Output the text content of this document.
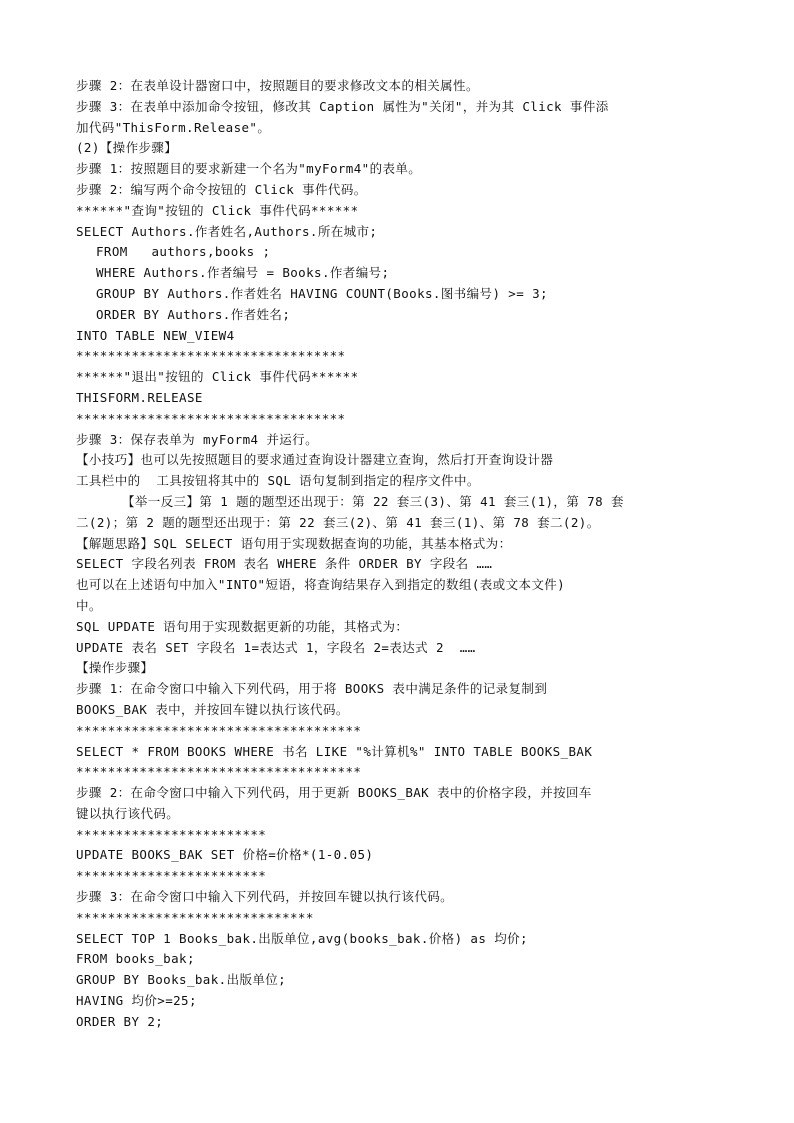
步骤 2：在表单设计器窗口中，按照题目的要求修改文本的相关属性。
步骤 3：在表单中添加命令按钮，修改其 Caption 属性为"关闭"，并为其 Click 事件添
加代码"ThisForm.Release"。
(2)【操作步骤】
步骤 1：按照题目的要求新建一个名为"myForm4"的表单。
步骤 2：编写两个命令按钮的 Click 事件代码。
******"查询"按钮的 Click 事件代码******
SELECT Authors.作者姓名,Authors.所在城市;
FROM   authors,books ;
WHERE Authors.作者编号 = Books.作者编号;
GROUP BY Authors.作者姓名 HAVING COUNT(Books.图书编号) >= 3;
ORDER BY Authors.作者姓名;
INTO TABLE NEW_VIEW4
**********************************
******"退出"按钮的 Click 事件代码******
THISFORM.RELEASE
**********************************
步骤 3：保存表单为 myForm4 并运行。
【小技巧】也可以先按照题目的要求通过查询设计器建立查询，然后打开查询设计器
工具栏中的  工具按钮将其中的 SQL 语句复制到指定的程序文件中。
【举一反三】第 1 题的题型还出现于：第 22 套三(3)、第 41 套三(1)，第 78 套
二(2)；第 2 题的题型还出现于：第 22 套三(2)、第 41 套三(1)、第 78 套二(2)。
【解题思路】SQL SELECT 语句用于实现数据查询的功能，其基本格式为：
SELECT 字段名列表 FROM 表名 WHERE 条件 ORDER BY 字段名 ……
也可以在上述语句中加入"INTO"短语，将查询结果存入到指定的数组(表或文本文件)
中。
SQL UPDATE 语句用于实现数据更新的功能，其格式为：
UPDATE 表名 SET 字段名 1=表达式 1，字段名 2=表达式 2  ……
【操作步骤】
步骤 1：在命令窗口中输入下列代码，用于将 BOOKS 表中满足条件的记录复制到
BOOKS_BAK 表中，并按回车键以执行该代码。
************************************
SELECT * FROM BOOKS WHERE 书名 LIKE "%计算机%" INTO TABLE BOOKS_BAK
************************************
步骤 2：在命令窗口中输入下列代码，用于更新 BOOKS_BAK 表中的价格字段，并按回车
键以执行该代码。
************************
UPDATE BOOKS_BAK SET 价格=价格*(1-0.05)
************************
步骤 3：在命令窗口中输入下列代码，并按回车键以执行该代码。
******************************
SELECT TOP 1 Books_bak.出版单位,avg(books_bak.价格) as 均价;
FROM books_bak;
GROUP BY Books_bak.出版单位;
HAVING 均价>=25;
ORDER BY 2;
